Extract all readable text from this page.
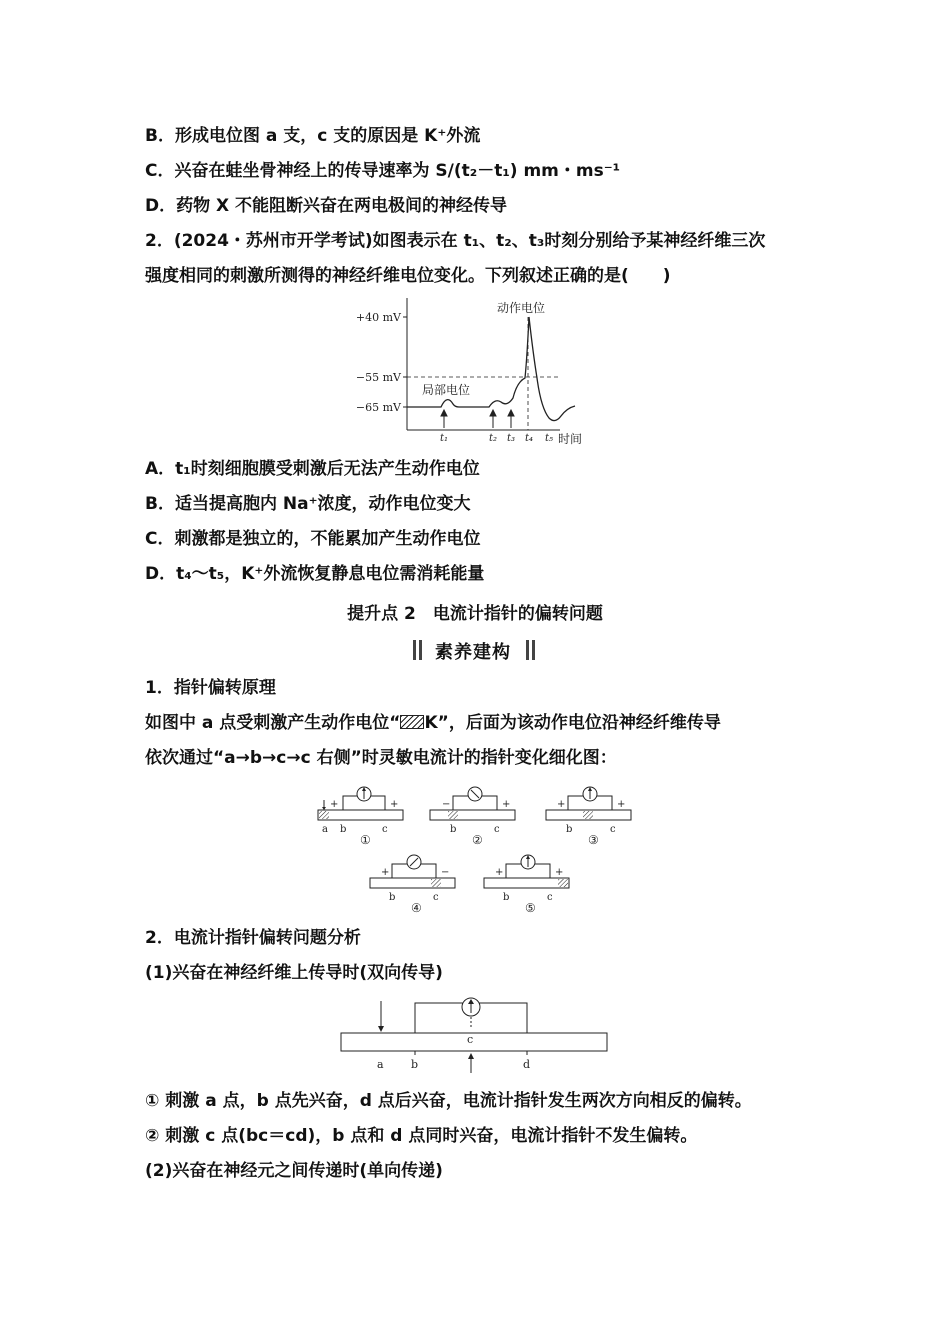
B．形成电位图 a 支，c 支的原因是 K⁺外流
C．兴奋在蛙坐骨神经上的传导速率为 S/(t₂－t₁) mm・ms⁻¹
D．药物 X 不能阻断兴奋在两电极间的神经传导
2．(2024・苏州市开学考试)如图表示在 t₁、t₂、t₃时刻分别给予某神经纤维三次
强度相同的刺激所测得的神经纤维电位变化。下列叙述正确的是(　　)
+40 mV
−55 mV
−65 mV
动作电位
局部电位
t₁	t₂ t₃ t₄ t₅ 时间
A．t₁时刻细胞膜受刺激后无法产生动作电位
B．适当提高胞内 Na⁺浓度，动作电位变大
C．刺激都是独立的，不能累加产生动作电位
D．t₄～t₅，K⁺外流恢复静息电位需消耗能量
提升点 2　电流计指针的偏转问题
素养建构
1．指针偏转原理
如图中 a 点受刺激产生动作电位“ K”，后面为该动作电位沿神经纤维传导
依次通过“a→b→c→c 右侧”时灵敏电流计的指针变化细化图：
+	+
a b	c
①
−	+
b	c
②
+	+
b	c
③
+	−
b	c
④
+	+
b	c
⑤
2．电流计指针偏转问题分析
(1)兴奋在神经纤维上传导时(双向传导)
a b
c
d
① 刺激 a 点，b 点先兴奋，d 点后兴奋，电流计指针发生两次方向相反的偏转。
② 刺激 c 点(bc＝cd)，b 点和 d 点同时兴奋，电流计指针不发生偏转。
(2)兴奋在神经元之间传递时(单向传递)
